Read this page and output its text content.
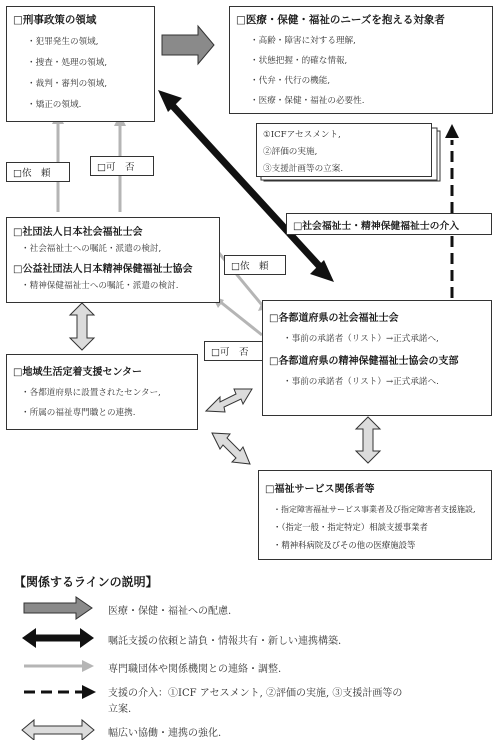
□刑事政策の領域
・犯罪発生の領域,
・捜査・処理の領域,
・裁判・審判の領域,
・矯正の領域.
□医療・保健・福祉のニーズを抱える対象者
・高齢・障害に対する理解,
・状態把握・的確な情報,
・代弁・代行の機能,
・医療・保健・福祉の必要性.
①ICFアセスメント,
②評価の実施,
③支援計画等の立案.
□社会福祉士・精神保健福祉士の介入
□社団法人日本社会福祉士会
・社会福祉士への嘱託・派遣の検討,
□公益社団法人日本精神保健福祉士協会
・精神保健福祉士への嘱託・派遣の検討.
□依　頼
□可　否
□依　頼
□可　否
□各都道府県の社会福祉士会
・事前の承諾者（リスト）→正式承諾へ,
□各都道府県の精神保健福祉士協会の支部
・事前の承諾者（リスト）→正式承諾へ.
□地域生活定着支援センター
・各都道府県に設置されたセンター,
・所属の福祉専門職との連携.
□福祉サービス関係者等
・指定障害福祉サービス事業者及び指定障害者支援施設,
・（指定一般・指定特定）相談支援事業者
・精神科病院及びその他の医療施設等
【関係するラインの説明】
医療・保健・福祉への配慮.
嘱託支援の依頼と請負・情報共有・新しい連携構築.
専門職団体や関係機関との連絡・調整.
支援の介入：①ICF アセスメント, ②評価の実施, ③支援計画等の
立案.
幅広い協働・連携の強化.
